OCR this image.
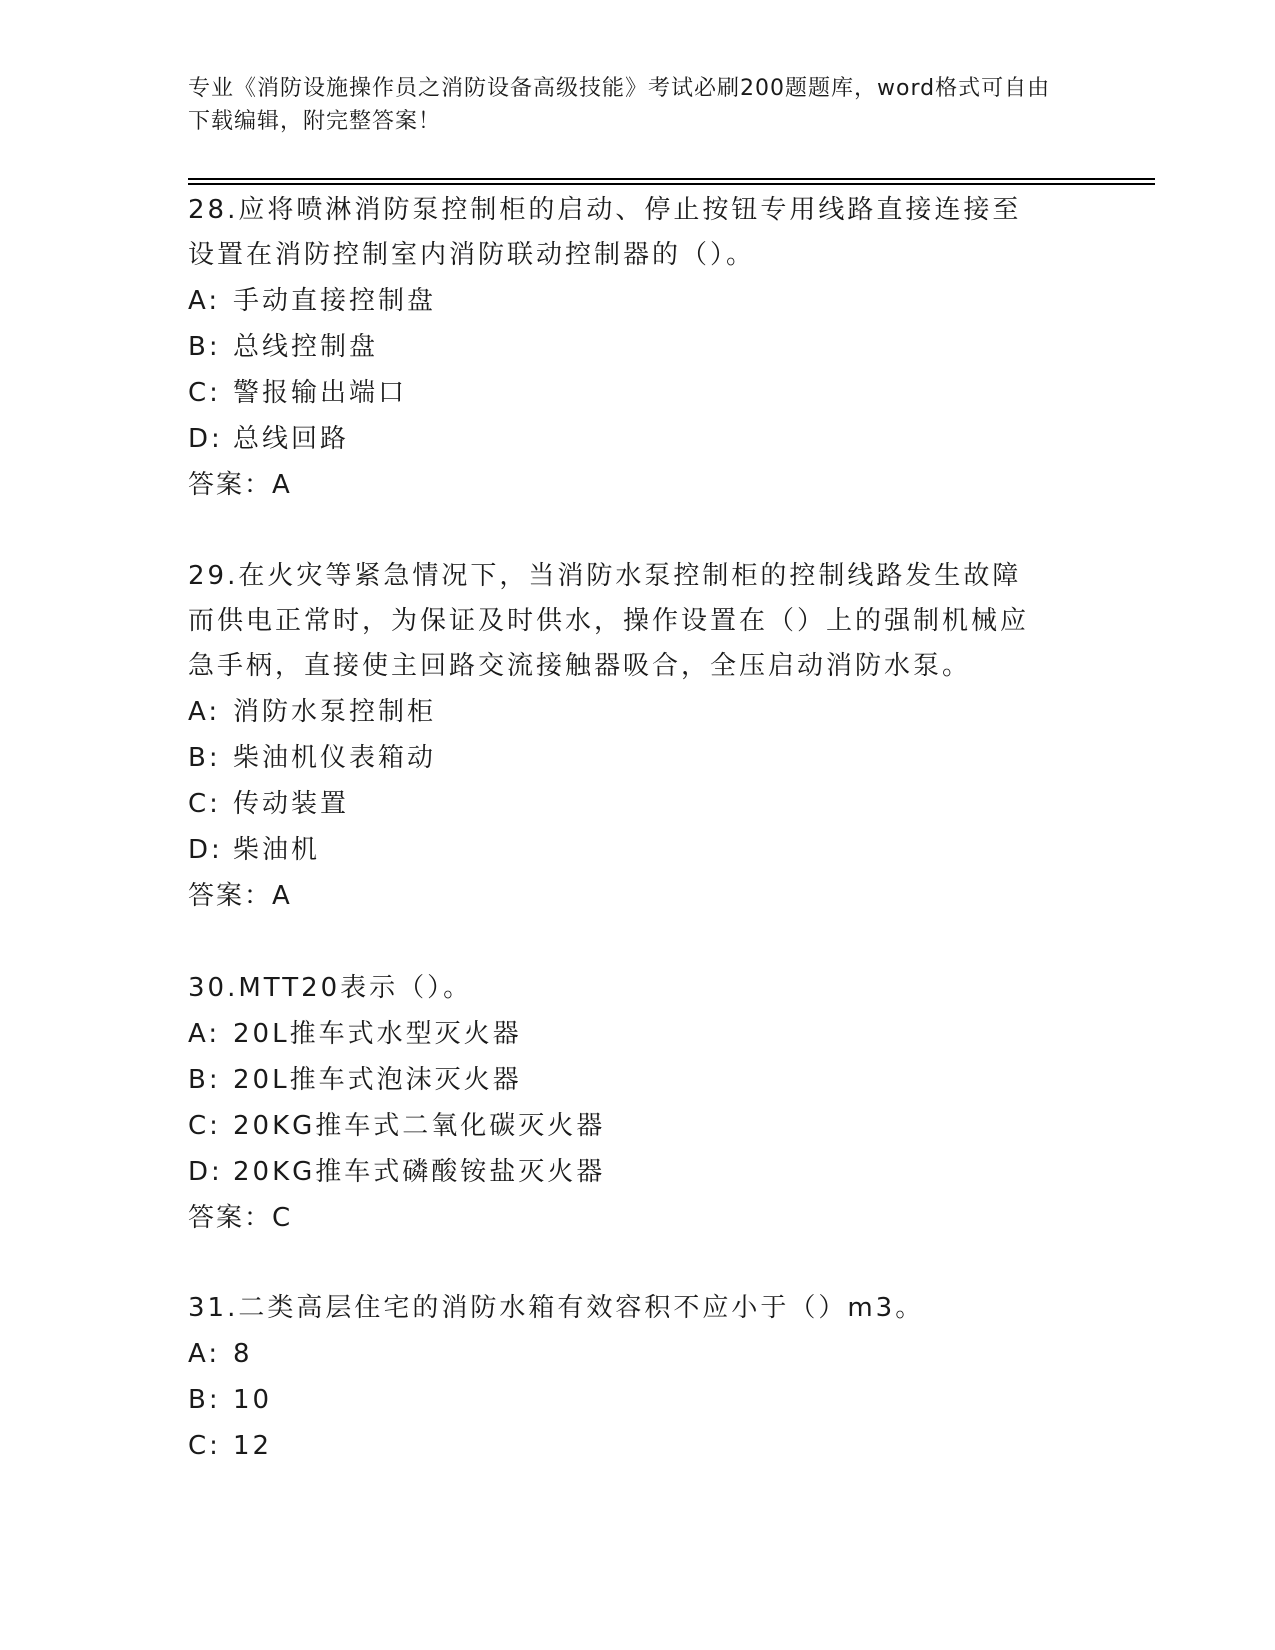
专业《消防设施操作员之消防设备高级技能》考试必刷200题题库，word格式可自由下载编辑，附完整答案！

28.应将喷淋消防泵控制柜的启动、停止按钮专用线路直接连接至设置在消防控制室内消防联动控制器的（）。

A: 手动直接控制盘
B: 总线控制盘
C: 警报输出端口
D: 总线回路
答案：A

29.在火灾等紧急情况下，当消防水泵控制柜的控制线路发生故障而供电正常时，为保证及时供水，操作设置在（）上的强制机械应急手柄，直接使主回路交流接触器吸合，全压启动消防水泵。

A: 消防水泵控制柜
B: 柴油机仪表箱动
C: 传动装置
D: 柴油机
答案：A

30.MTT20表示（）。

A: 20L推车式水型灭火器
B: 20L推车式泡沫灭火器
C: 20KG推车式二氧化碳灭火器
D: 20KG推车式磷酸铵盐灭火器
答案：C

31.二类高层住宅的消防水箱有效容积不应小于（）m3。

A: 8
B: 10
C: 12
